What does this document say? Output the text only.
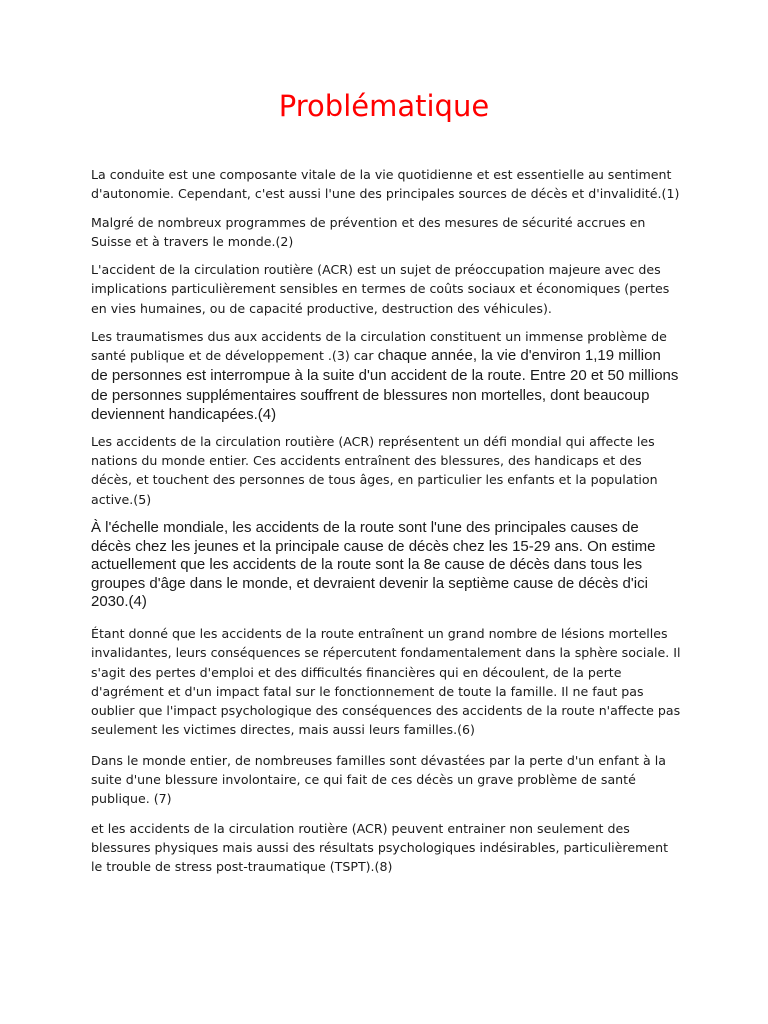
Problématique

La conduite est une composante vitale de la vie quotidienne et est essentielle au sentiment d'autonomie. Cependant, c'est aussi l'une des principales sources de décès et d'invalidité.(1)

Malgré de nombreux programmes de prévention et des mesures de sécurité accrues en Suisse et à travers le monde.(2)

L'accident de la circulation routière (ACR) est un sujet de préoccupation majeure avec des implications particulièrement sensibles en termes de coûts sociaux et économiques (pertes en vies humaines, ou de capacité productive, destruction des véhicules).

Les traumatismes dus aux accidents de la circulation constituent un immense problème de santé publique et de développement .(3) car chaque année, la vie d'environ 1,19 million de personnes est interrompue à la suite d'un accident de la route. Entre 20 et 50 millions de personnes supplémentaires souffrent de blessures non mortelles, dont beaucoup deviennent handicapées.(4)

Les accidents de la circulation routière (ACR) représentent un défi mondial qui affecte les nations du monde entier. Ces accidents entraînent des blessures, des handicaps et des décès, et touchent des personnes de tous âges, en particulier les enfants et la population active.(5)

À l'échelle mondiale, les accidents de la route sont l'une des principales causes de décès chez les jeunes et la principale cause de décès chez les 15-29 ans. On estime actuellement que les accidents de la route sont la 8e cause de décès dans tous les groupes d'âge dans le monde, et devraient devenir la septième cause de décès d'ici 2030.(4)

Étant donné que les accidents de la route entraînent un grand nombre de lésions mortelles invalidantes, leurs conséquences se répercutent fondamentalement dans la sphère sociale. Il s'agit des pertes d'emploi et des difficultés financières qui en découlent, de la perte d'agrément et d'un impact fatal sur le fonctionnement de toute la famille. Il ne faut pas oublier que l'impact psychologique des conséquences des accidents de la route n'affecte pas seulement les victimes directes, mais aussi leurs familles.(6)

Dans le monde entier, de nombreuses familles sont dévastées par la perte d'un enfant à la suite d'une blessure involontaire, ce qui fait de ces décès un grave problème de santé publique. (7)

et les accidents de la circulation routière (ACR) peuvent entrainer non seulement des blessures physiques mais aussi des résultats psychologiques indésirables, particulièrement le trouble de stress post-traumatique (TSPT).(8)
